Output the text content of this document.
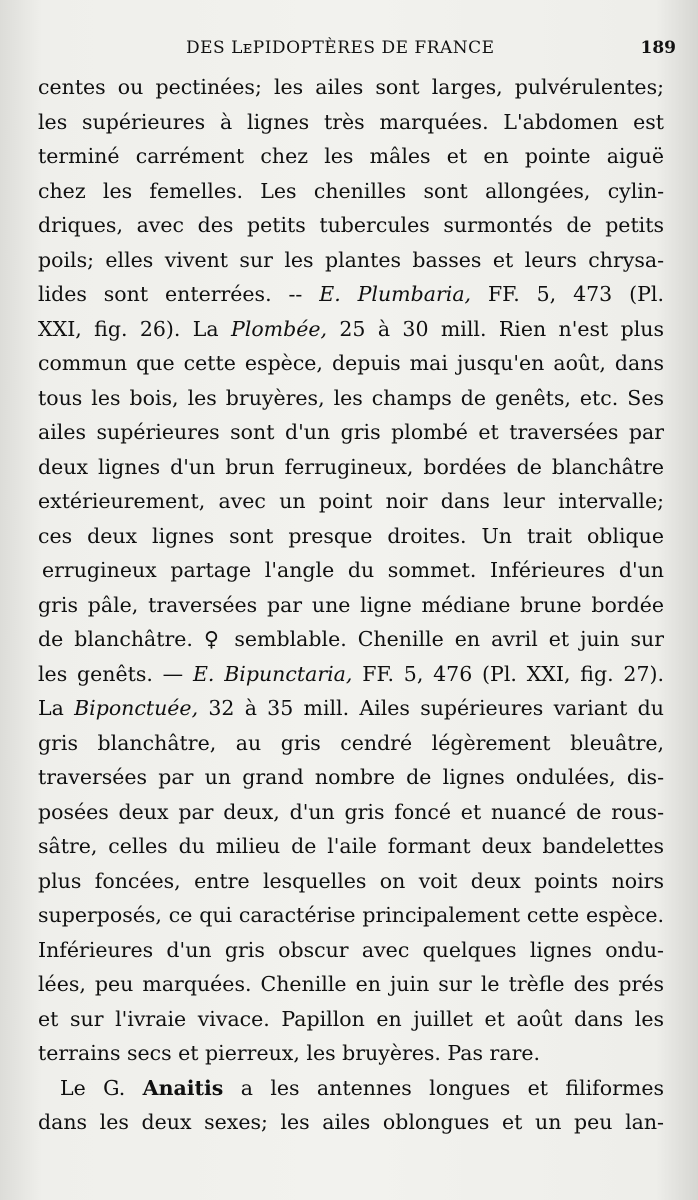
DES LᴇPIDOPTÈRES DE FRANCE	189
centes ou pectinées; les ailes sont larges, pulvérulentes;
les supérieures à lignes très marquées. L'abdomen est
terminé carrément chez les mâles et en pointe aiguë
chez les femelles. Les chenilles sont allongées, cylin-
driques, avec des petits tubercules surmontés de petits
poils; elles vivent sur les plantes basses et leurs chrysa-
lides sont enterrées. -- E. Plumbaria, FF. 5, 473 (Pl.
XXI, fig. 26). La Plombée, 25 à 30 mill. Rien n'est plus
commun que cette espèce, depuis mai jusqu'en août, dans
tous les bois, les bruyères, les champs de genêts, etc. Ses
ailes supérieures sont d'un gris plombé et traversées par
deux lignes d'un brun ferrugineux, bordées de blanchâtre
extérieurement, avec un point noir dans leur intervalle;
ces deux lignes sont presque droites. Un trait oblique
errugineux partage l'angle du sommet. Inférieures d'un
gris pâle, traversées par une ligne médiane brune bordée
de blanchâtre. ♀ semblable. Chenille en avril et juin sur
les genêts. — E. Bipunctaria, FF. 5, 476 (Pl. XXI, fig. 27).
La Biponctuée, 32 à 35 mill. Ailes supérieures variant du
gris blanchâtre, au gris cendré légèrement bleuâtre,
traversées par un grand nombre de lignes ondulées, dis-
posées deux par deux, d'un gris foncé et nuancé de rous-
sâtre, celles du milieu de l'aile formant deux bandelettes
plus foncées, entre lesquelles on voit deux points noirs
superposés, ce qui caractérise principalement cette espèce.
Inférieures d'un gris obscur avec quelques lignes ondu-
lées, peu marquées. Chenille en juin sur le trèfle des prés
et sur l'ivraie vivace. Papillon en juillet et août dans les
terrains secs et pierreux, les bruyères. Pas rare.
Le G. Anaitis a les antennes longues et filiformes
dans les deux sexes; les ailes oblongues et un peu lan-
